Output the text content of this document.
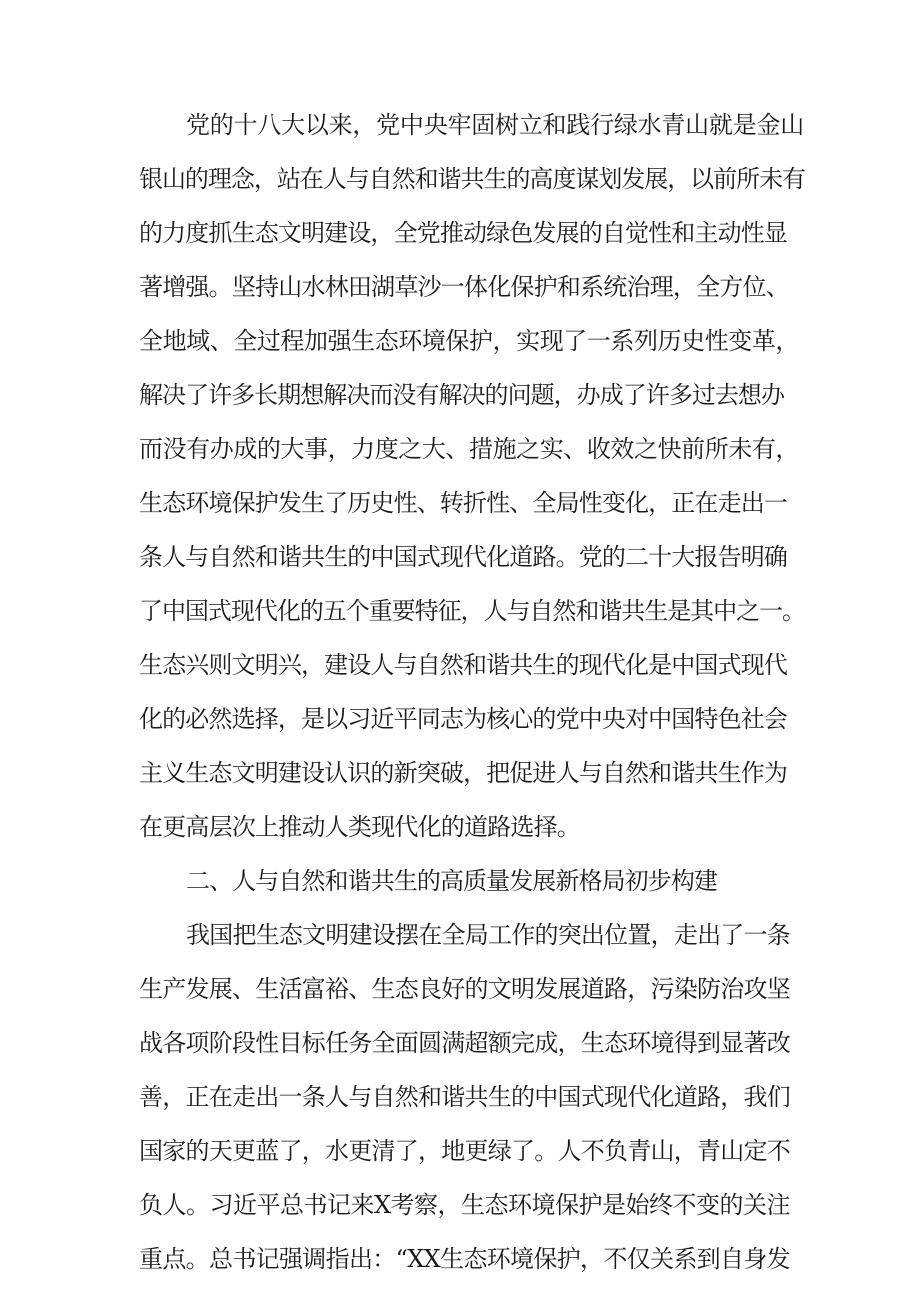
党的十八大以来，党中央牢固树立和践行绿水青山就是金山
银山的理念，站在人与自然和谐共生的高度谋划发展，以前所未有
的力度抓生态文明建设，全党推动绿色发展的自觉性和主动性显
著增强。坚持山水林田湖草沙一体化保护和系统治理，全方位、
全地域、全过程加强生态环境保护，实现了一系列历史性变革，
解决了许多长期想解决而没有解决的问题，办成了许多过去想办
而没有办成的大事，力度之大、措施之实、收效之快前所未有，
生态环境保护发生了历史性、转折性、全局性变化，正在走出一
条人与自然和谐共生的中国式现代化道路。党的二十大报告明确
了中国式现代化的五个重要特征，人与自然和谐共生是其中之一。
生态兴则文明兴，建设人与自然和谐共生的现代化是中国式现代
化的必然选择，是以习近平同志为核心的党中央对中国特色社会
主义生态文明建设认识的新突破，把促进人与自然和谐共生作为
在更高层次上推动人类现代化的道路选择。
二、人与自然和谐共生的高质量发展新格局初步构建
我国把生态文明建设摆在全局工作的突出位置，走出了一条
生产发展、生活富裕、生态良好的文明发展道路，污染防治攻坚
战各项阶段性目标任务全面圆满超额完成，生态环境得到显著改
善，正在走出一条人与自然和谐共生的中国式现代化道路，我们
国家的天更蓝了，水更清了，地更绿了。人不负青山，青山定不
负人。习近平总书记来X考察，生态环境保护是始终不变的关注
重点。总书记强调指出：“XX生态环境保护，不仅关系到自身发
